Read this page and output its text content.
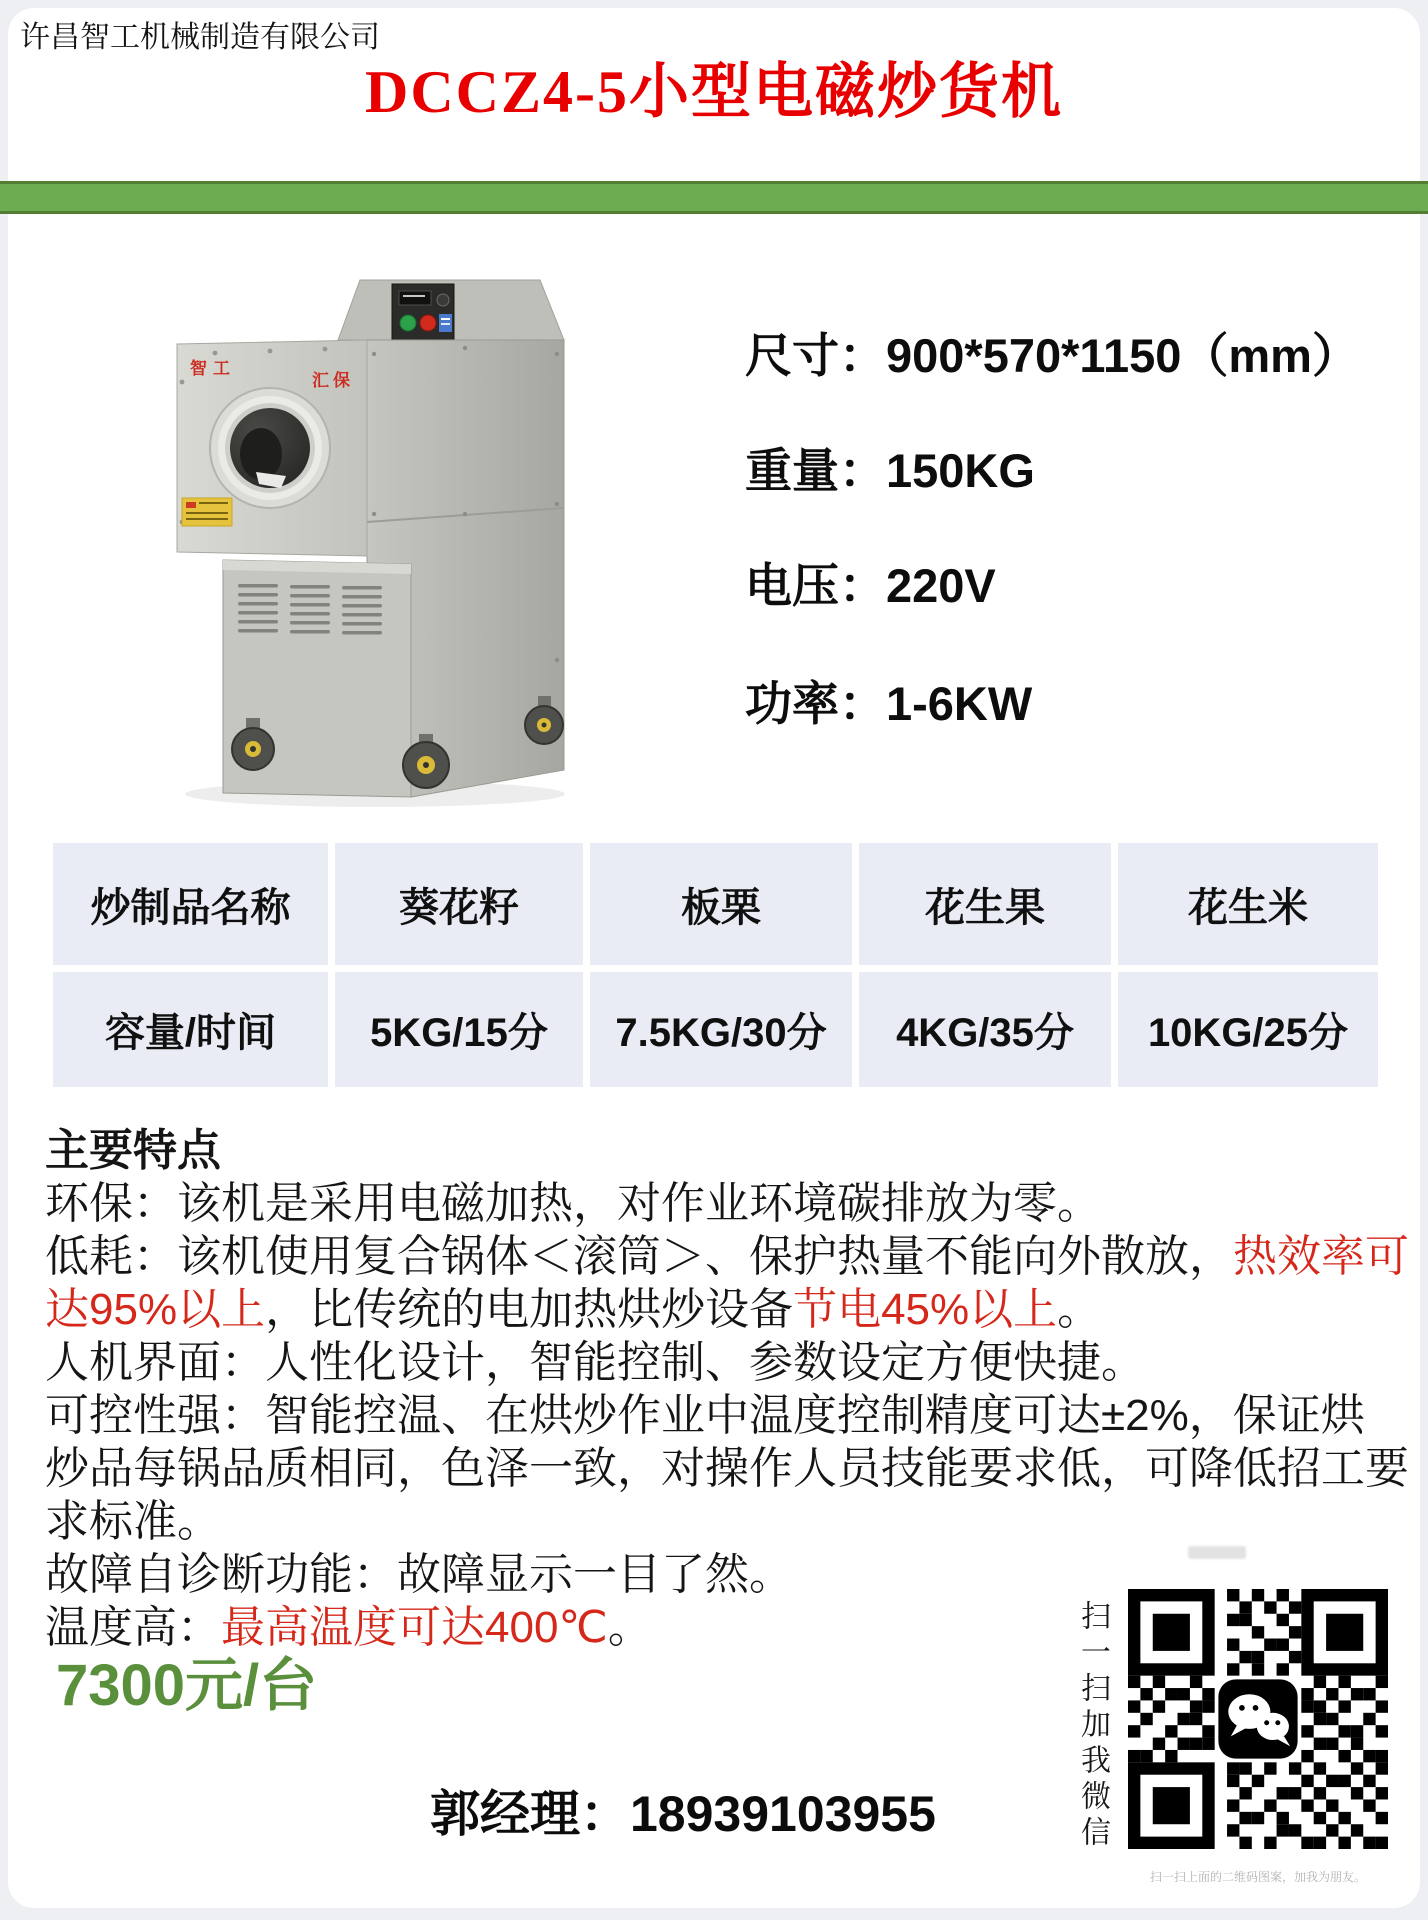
许昌智工机械制造有限公司
DCCZ4-5小型电磁炒货机
智工
汇保	尺寸：900*570*1150（mm）
重量：150KG
电压：220V
功率：1-6KW
炒制品名称	葵花籽	板栗	花生果	花生米
容量/时间	5KG/15分	7.5KG/30分	4KG/35分	10KG/25分
主要特点
环保：该机是采用电磁加热，对作业环境碳排放为零。
低耗：该机使用复合锅体＜滚筒＞、保护热量不能向外散放，热效率可
达95%以上，比传统的电加热烘炒设备节电45%以上。
人机界面：人性化设计，智能控制、参数设定方便快捷。
可控性强：智能控温、在烘炒作业中温度控制精度可达±2%，保证烘
炒品每锅品质相同，色泽一致，对操作人员技能要求低，可降低招工要
求标准。
故障自诊断功能：故障显示一目了然。
温度高：最高温度可达400℃。
7300元/台
郭经理：18939103955	扫一扫加我微信
扫一扫上面的二维码图案，加我为朋友。
